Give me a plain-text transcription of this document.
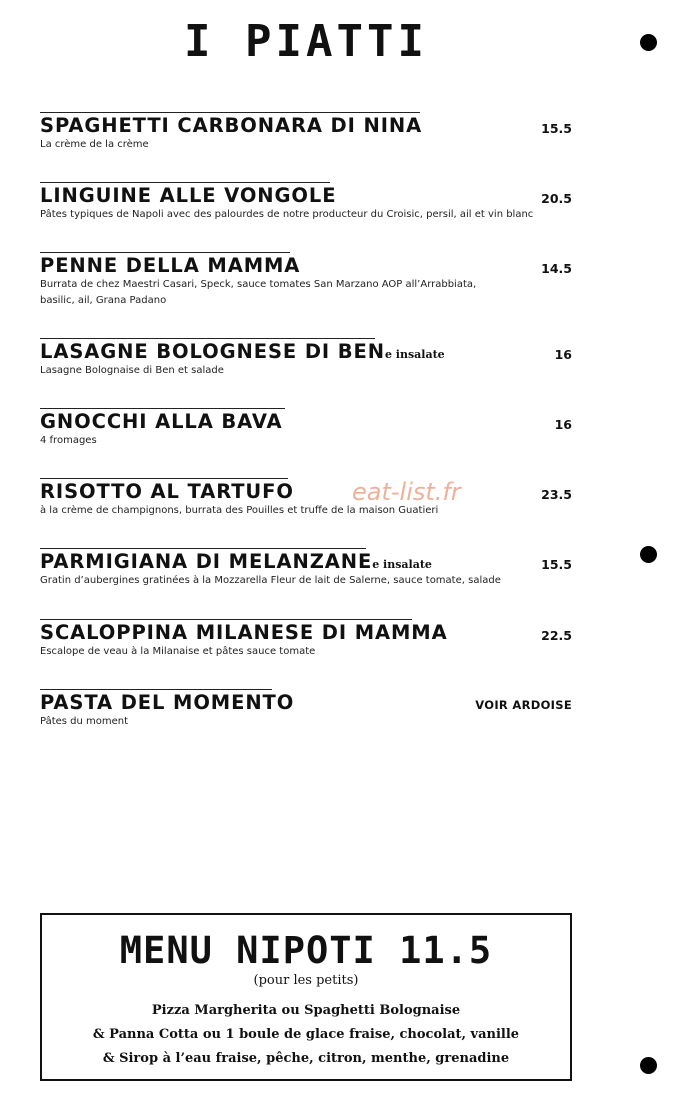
I PIATTI
SPAGHETTI CARBONARA DI NINA	15.5
La crème de la crème
LINGUINE ALLE VONGOLE	20.5
Pâtes typiques de Napoli avec des palourdes de notre producteur du Croisic, persil, ail et vin blanc
PENNE DELLA MAMMA	14.5
Burrata de chez Maestri Casari, Speck, sauce tomates San Marzano AOP all’Arrabbiata, basilic, ail, Grana Padano
LASAGNE BOLOGNESE DI BENe insalate	16
Lasagne Bolognaise di Ben et salade
GNOCCHI ALLA BAVA	16
4 fromages
RISOTTO AL TARTUFO	23.5
à la crème de champignons, burrata des Pouilles et truffe de la maison Guatieri
PARMIGIANA DI MELANZANEe insalate	15.5
Gratin d’aubergines gratinées à la Mozzarella Fleur de lait de Salerne, sauce tomate, salade
SCALOPPINA MILANESE DI MAMMA	22.5
Escalope de veau à la Milanaise et pâtes sauce tomate
PASTA DEL MOMENTO	VOIR ARDOISE
Pâtes du moment
eat-list.fr
MENU NIPOTI 11.5
(pour les petits)
Pizza Margherita ou Spaghetti Bolognaise
& Panna Cotta ou 1 boule de glace fraise, chocolat, vanille
& Sirop à l’eau fraise, pêche, citron, menthe, grenadine
